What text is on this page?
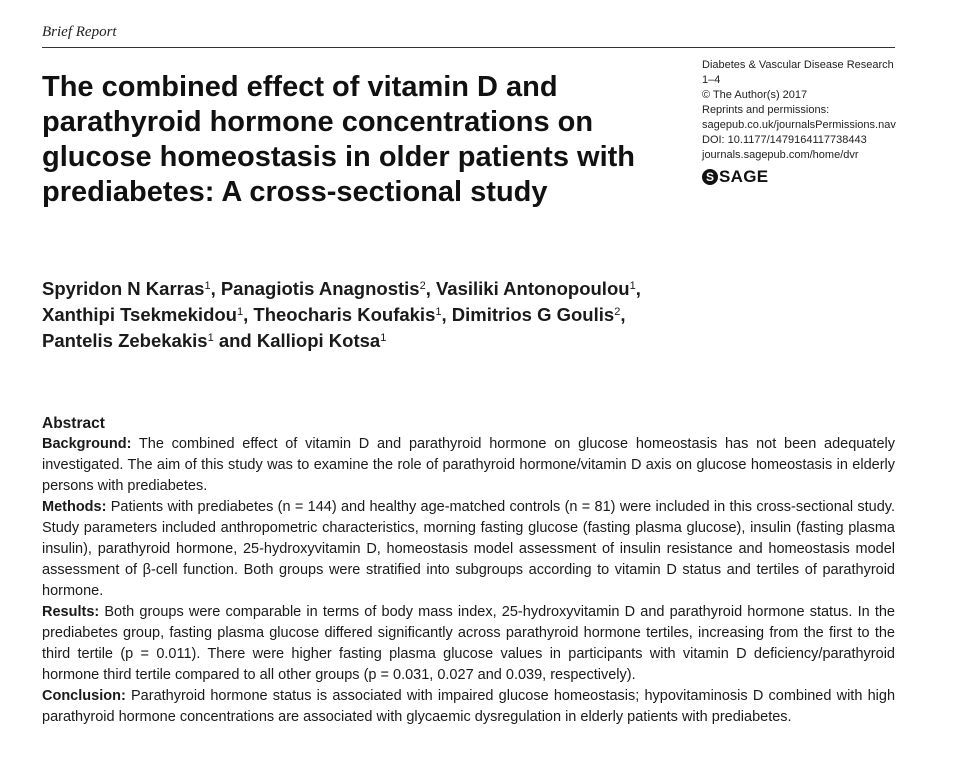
Brief Report
The combined effect of vitamin D and
parathyroid hormone concentrations on
glucose homeostasis in older patients with
prediabetes: A cross-sectional study
Diabetes & Vascular Disease Research
1–4
© The Author(s) 2017
Reprints and permissions:
sagepub.co.uk/journalsPermissions.nav
DOI: 10.1177/1479164117738443
journals.sagepub.com/home/dvr
S SAGE
Spyridon N Karras$^1$, Panagiotis Anagnostis$^2$, Vasiliki Antonopoulou$^1$,
Xanthipi Tsekmekidou$^1$, Theocharis Koufakis$^1$, Dimitrios G Goulis$^2$,
Pantelis Zebekakis$^1$ and Kalliopi Kotsa$^1$
Abstract

Background: The combined effect of vitamin D and parathyroid hormone on glucose homeostasis has not been adequately investigated. The aim of this study was to examine the role of parathyroid hormone/vitamin D axis on glucose homeostasis in elderly persons with prediabetes.

Methods: Patients with prediabetes (n = 144) and healthy age-matched controls (n = 81) were included in this cross-sectional study. Study parameters included anthropometric characteristics, morning fasting glucose (fasting plasma glucose), insulin (fasting plasma insulin), parathyroid hormone, 25-hydroxyvitamin D, homeostasis model assessment of insulin resistance and homeostasis model assessment of β-cell function. Both groups were stratified into subgroups according to vitamin D status and tertiles of parathyroid hormone.

Results: Both groups were comparable in terms of body mass index, 25-hydroxyvitamin D and parathyroid hormone status. In the prediabetes group, fasting plasma glucose differed significantly across parathyroid hormone tertiles, increasing from the first to the third tertile (p = 0.011). There were higher fasting plasma glucose values in participants with vitamin D deficiency/parathyroid hormone third tertile compared to all other groups (p = 0.031, 0.027 and 0.039, respectively).

Conclusion: Parathyroid hormone status is associated with impaired glucose homeostasis; hypovitaminosis D combined with high parathyroid hormone concentrations are associated with glycaemic dysregulation in elderly patients with prediabetes.
